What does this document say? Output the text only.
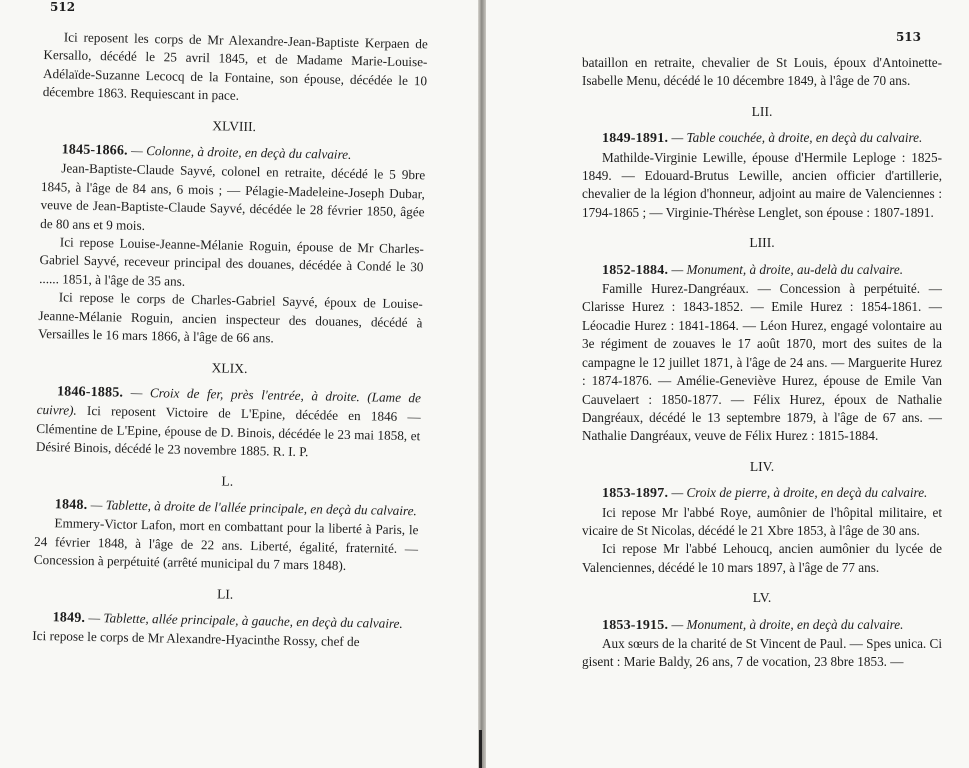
512

Ici reposent les corps de Mr Alexandre-Jean-Baptiste Kerpaen de Kersallo, décédé le 25 avril 1845, et de Madame Marie-Louise-Adélaïde-Suzanne Lecocq de la Fontaine, son épouse, décédée le 10 décembre 1863. Requiescant in pace.

XLVIII.

1845-1866. — Colonne, à droite, en deçà du calvaire.

Jean-Baptiste-Claude Sayvé, colonel en retraite, décédé le 5 9bre 1845, à l'âge de 84 ans, 6 mois ; — Pélagie-Madeleine-Joseph Dubar, veuve de Jean-Baptiste-Claude Sayvé, décédée le 28 février 1850, âgée de 80 ans et 9 mois.

Ici repose Louise-Jeanne-Mélanie Roguin, épouse de Mr Charles-Gabriel Sayvé, receveur principal des douanes, décédée à Condé le 30 ...... 1851, à l'âge de 35 ans.

Ici repose le corps de Charles-Gabriel Sayvé, époux de Louise-Jeanne-Mélanie Roguin, ancien inspecteur des douanes, décédé à Versailles le 16 mars 1866, à l'âge de 66 ans.

XLIX.

1846-1885. — Croix de fer, près l'entrée, à droite. (Lame de cuivre). Ici reposent Victoire de L'Epine, décédée en 1846 — Clémentine de L'Epine, épouse de D. Binois, décédée le 23 mai 1858, et Désiré Binois, décédé le 23 novembre 1885. R. I. P.

L.

1848. — Tablette, à droite de l'allée principale, en deçà du calvaire.

Emmery-Victor Lafon, mort en combattant pour la liberté à Paris, le 24 février 1848, à l'âge de 22 ans. Liberté, égalité, fraternité. — Concession à perpétuité (arrêté municipal du 7 mars 1848).

LI.

1849. — Tablette, allée principale, à gauche, en deçà du calvaire.

Ici repose le corps de Mr Alexandre-Hyacinthe Rossy, chef de

513

bataillon en retraite, chevalier de St Louis, époux d'Antoinette-Isabelle Menu, décédé le 10 décembre 1849, à l'âge de 70 ans.

LII.

1849-1891. — Table couchée, à droite, en deçà du calvaire.

Mathilde-Virginie Lewille, épouse d'Hermile Leploge : 1825-1849. — Edouard-Brutus Lewille, ancien officier d'artillerie, chevalier de la légion d'honneur, adjoint au maire de Valenciennes : 1794-1865 ; — Virginie-Thérèse Lenglet, son épouse : 1807-1891.

LIII.

1852-1884. — Monument, à droite, au-delà du calvaire.

Famille Hurez-Dangréaux. — Concession à perpétuité. — Clarisse Hurez : 1843-1852. — Emile Hurez : 1854-1861. — Léocadie Hurez : 1841-1864. — Léon Hurez, engagé volontaire au 3e régiment de zouaves le 17 août 1870, mort des suites de la campagne le 12 juillet 1871, à l'âge de 24 ans. — Marguerite Hurez : 1874-1876. — Amélie-Geneviève Hurez, épouse de Emile Van Cauvelaert : 1850-1877. — Félix Hurez, époux de Nathalie Dangréaux, décédé le 13 septembre 1879, à l'âge de 67 ans. — Nathalie Dangréaux, veuve de Félix Hurez : 1815-1884.

LIV.

1853-1897. — Croix de pierre, à droite, en deçà du calvaire.

Ici repose Mr l'abbé Roye, aumônier de l'hôpital militaire, et vicaire de St Nicolas, décédé le 21 Xbre 1853, à l'âge de 30 ans.

Ici repose Mr l'abbé Lehoucq, ancien aumônier du lycée de Valenciennes, décédé le 10 mars 1897, à l'âge de 77 ans.

LV.

1853-1915. — Monument, à droite, en deçà du calvaire.

Aux sœurs de la charité de St Vincent de Paul. — Spes unica. Ci gisent : Marie Baldy, 26 ans, 7 de vocation, 23 8bre 1853. —
